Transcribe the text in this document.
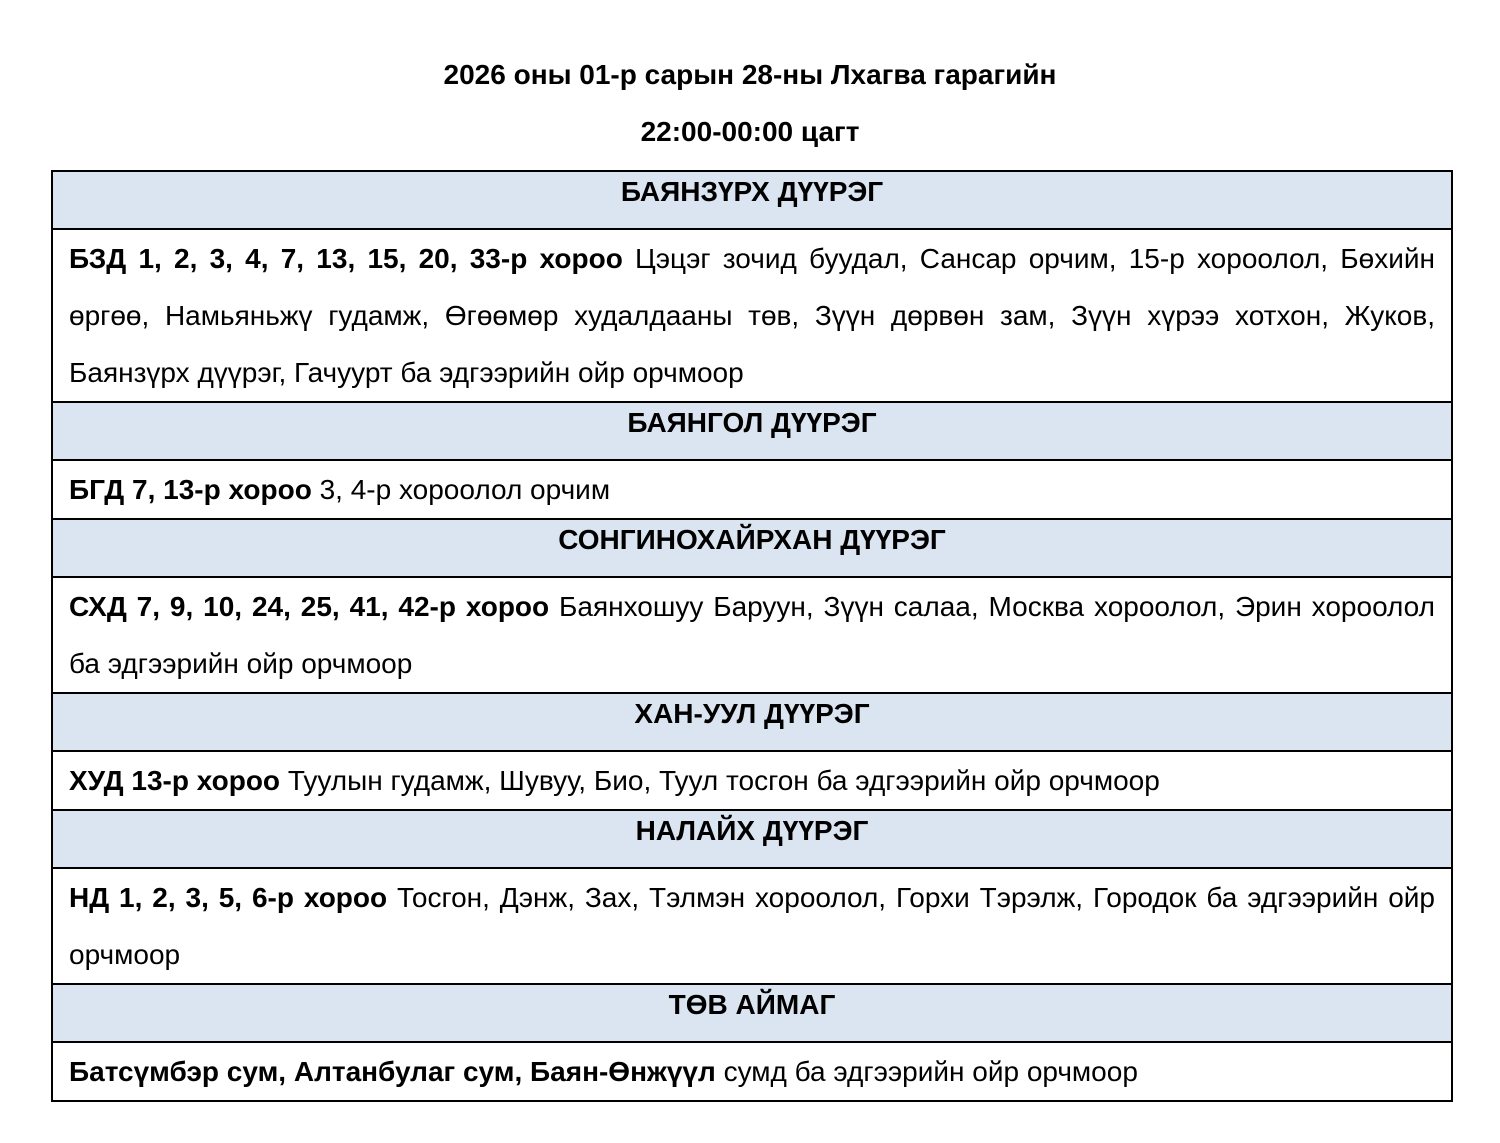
2026 оны 01-р сарын 28-ны Лхагва гарагийн
22:00-00:00 цагт
БАЯНЗҮРХ ДҮҮРЭГ
БЗД 1, 2, 3, 4, 7, 13, 15, 20, 33-р хороо Цэцэг зочид буудал, Сансар орчим, 15-р хороолол, Бөхийн өргөө, Намьяньжү гудамж, Өгөөмөр худалдааны төв, Зүүн дөрвөн зам, Зүүн хүрээ хотхон, Жуков, Баянзүрх дүүрэг, Гачуурт ба эдгээрийн ойр орчмоор
БАЯНГОЛ ДҮҮРЭГ
БГД 7, 13-р хороо 3, 4-р хороолол орчим
СОНГИНОХАЙРХАН ДҮҮРЭГ
СХД 7, 9, 10, 24, 25, 41, 42-р хороо Баянхошуу Баруун, Зүүн салаа, Москва хороолол, Эрин хороолол ба эдгээрийн ойр орчмоор
ХАН-УУЛ ДҮҮРЭГ
ХУД 13-р хороо Туулын гудамж, Шувуу, Био, Туул тосгон ба эдгээрийн ойр орчмоор
НАЛАЙХ ДҮҮРЭГ
НД 1, 2, 3, 5, 6-р хороо Тосгон, Дэнж, Зах, Тэлмэн хороолол, Горхи Тэрэлж, Городок ба эдгээрийн ойр орчмоор
ТӨВ АЙМАГ
Батсүмбэр сум, Алтанбулаг сум, Баян-Өнжүүл сумд ба эдгээрийн ойр орчмоор
